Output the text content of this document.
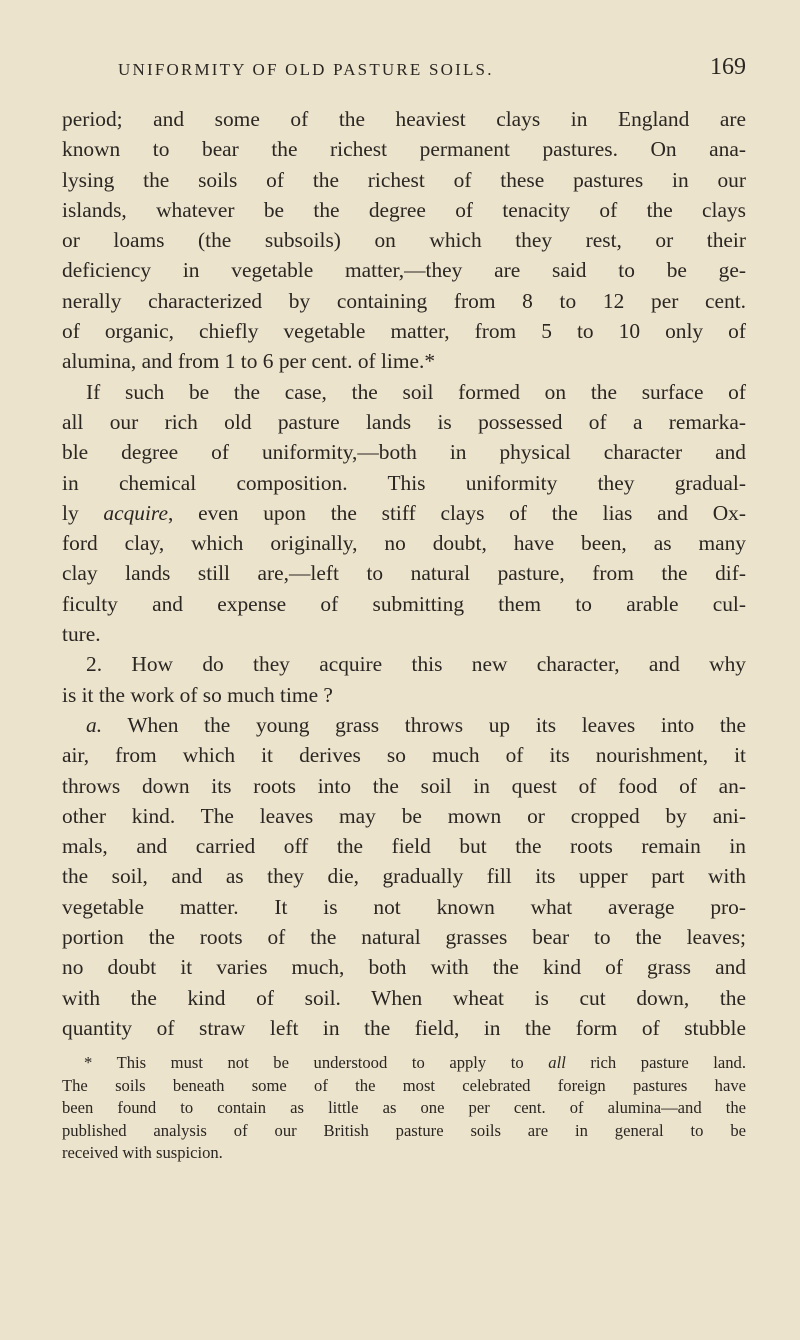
UNIFORMITY OF OLD PASTURE SOILS.	169
period; and some of the heaviest clays in England are
known to bear the richest permanent pastures. On ana-
lysing the soils of the richest of these pastures in our
islands, whatever be the degree of tenacity of the clays
or loams (the subsoils) on which they rest, or their
deficiency in vegetable matter,—they are said to be ge-
nerally characterized by containing from 8 to 12 per cent.
of organic, chiefly vegetable matter, from 5 to 10 only of
alumina, and from 1 to 6 per cent. of lime.*
If such be the case, the soil formed on the surface of
all our rich old pasture lands is possessed of a remarka-
ble degree of uniformity,—both in physical character and
in chemical composition. This uniformity they gradual-
ly acquire, even upon the stiff clays of the lias and Ox-
ford clay, which originally, no doubt, have been, as many
clay lands still are,—left to natural pasture, from the dif-
ficulty and expense of submitting them to arable cul-
ture.
2. How do they acquire this new character, and why
is it the work of so much time ?
a. When the young grass throws up its leaves into the
air, from which it derives so much of its nourishment, it
throws down its roots into the soil in quest of food of an-
other kind. The leaves may be mown or cropped by ani-
mals, and carried off the field but the roots remain in
the soil, and as they die, gradually fill its upper part with
vegetable matter. It is not known what average pro-
portion the roots of the natural grasses bear to the leaves;
no doubt it varies much, both with the kind of grass and
with the kind of soil. When wheat is cut down, the
quantity of straw left in the field, in the form of stubble
* This must not be understood to apply to all rich pasture land.
The soils beneath some of the most celebrated foreign pastures have
been found to contain as little as one per cent. of alumina—and the
published analysis of our British pasture soils are in general to be
received with suspicion.
